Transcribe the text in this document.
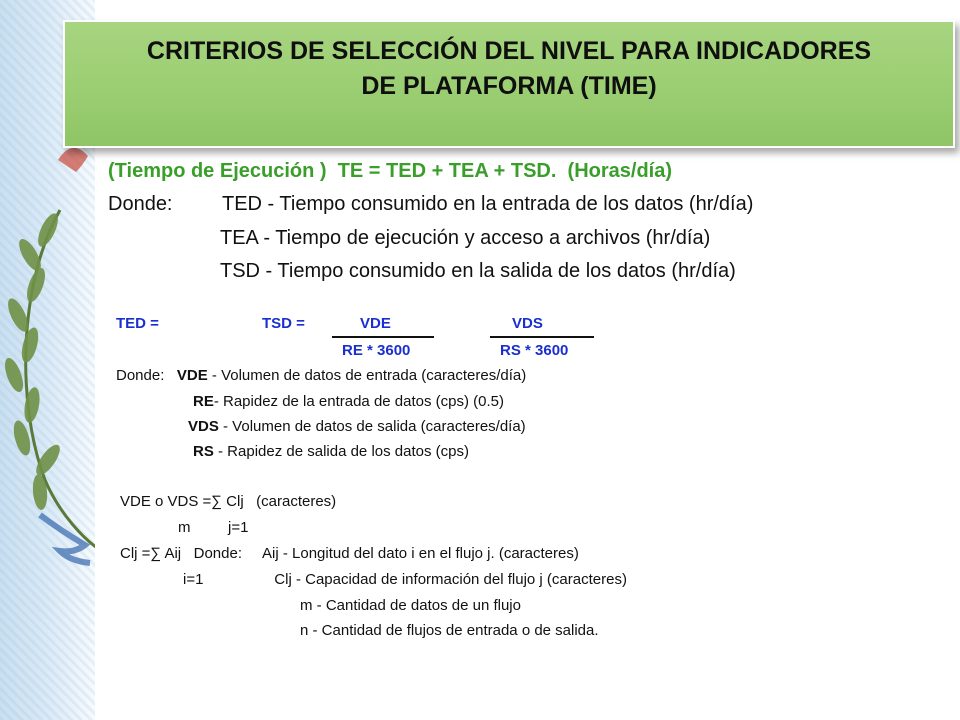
CRITERIOS DE SELECCIÓN DEL NIVEL PARA INDICADORES
DE PLATAFORMA (TIME)
(Tiempo de Ejecución )  TE = TED + TEA + TSD.  (Horas/día)
Donde: TED - Tiempo consumido en la entrada de los datos (hr/día)
TEA - Tiempo de ejecución y acceso a archivos (hr/día)
TSD - Tiempo consumido en la salida de los datos (hr/día)
TED =	TSD =	VDE	VDS
RE * 3600	RS * 3600
Donde: VDE - Volumen de datos de entrada (caracteres/día)
RE- Rapidez de la entrada de datos (cps) (0.5)
VDS - Volumen de datos de salida (caracteres/día)
RS - Rapidez de salida de los datos (cps)
VDE o VDS =∑ Clj   (caracteres)
m         j=1
Clj =∑ Aij   Donde:     Aij - Longitud del dato i en el flujo j. (caracteres)
i=1                 Clj - Capacidad de información del flujo j (caracteres)
m - Cantidad de datos de un flujo
n - Cantidad de flujos de entrada o de salida.
